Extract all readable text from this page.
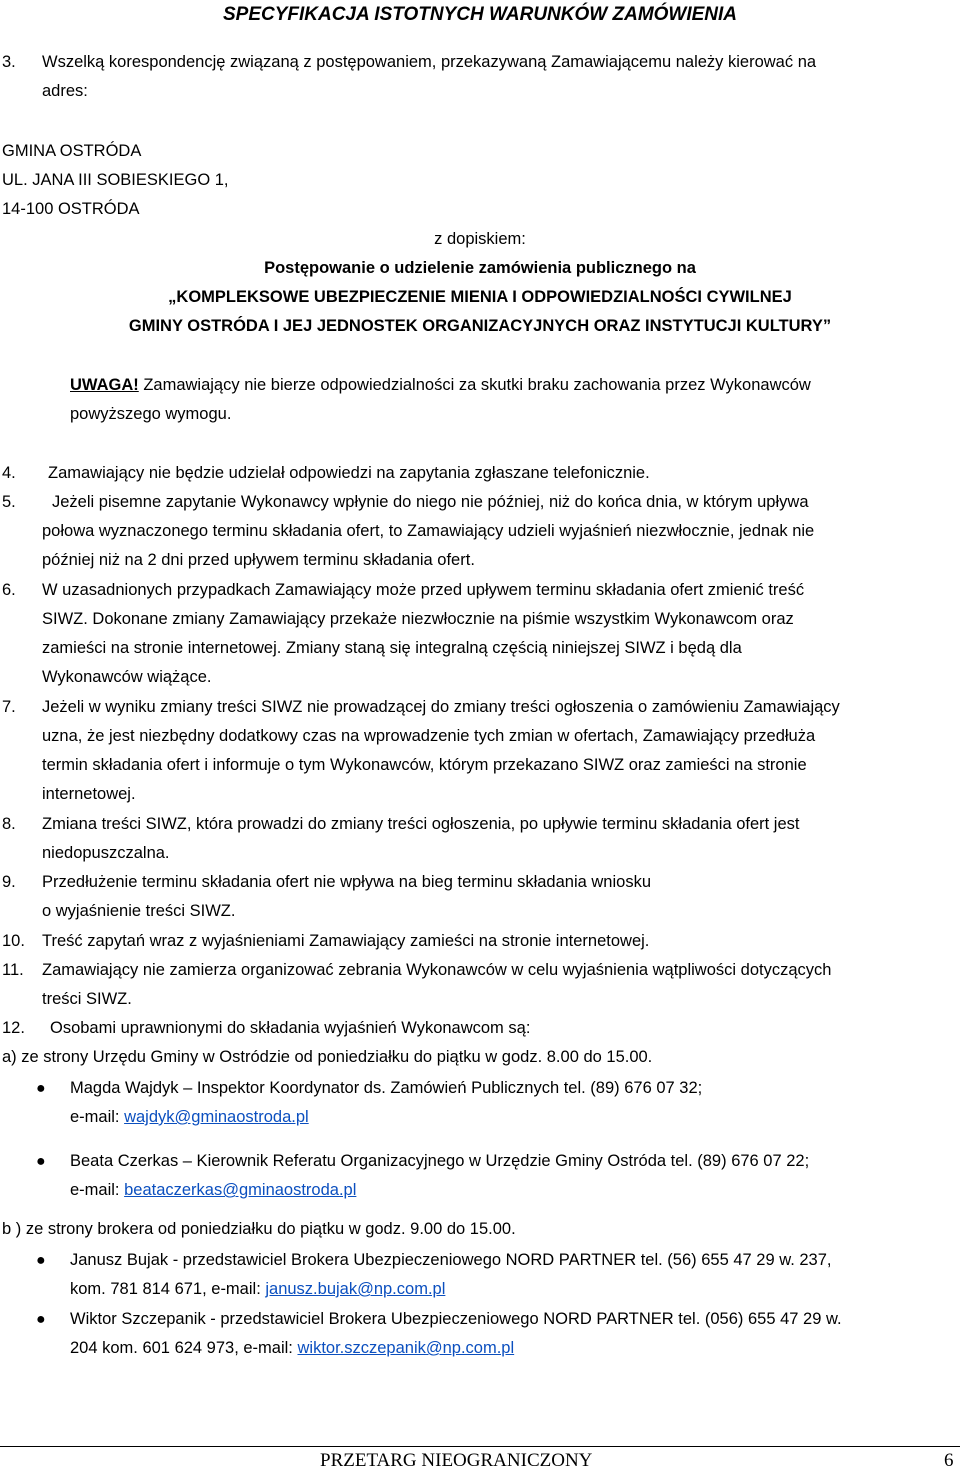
SPECYFIKACJA ISTOTNYCH WARUNKÓW ZAMÓWIENIA
3. Wszelką korespondencję związaną z postępowaniem, przekazywaną Zamawiającemu należy kierować na
adres:
GMINA OSTRÓDA
UL. JANA III SOBIESKIEGO 1,
14-100 OSTRÓDA
z dopiskiem:
Postępowanie o udzielenie zamówienia publicznego na
„KOMPLEKSOWE UBEZPIECZENIE MIENIA I ODPOWIEDZIALNOŚCI CYWILNEJ
GMINY OSTRÓDA I JEJ JEDNOSTEK ORGANIZACYJNYCH ORAZ INSTYTUCJI KULTURY”
UWAGA! Zamawiający nie bierze odpowiedzialności za skutki braku zachowania przez Wykonawców
powyższego wymogu.
4. Zamawiający nie będzie udzielał odpowiedzi na zapytania zgłaszane telefonicznie.
5. Jeżeli pisemne zapytanie Wykonawcy wpłynie do niego nie później, niż do końca dnia, w którym upływa
połowa wyznaczonego terminu składania ofert, to Zamawiający udzieli wyjaśnień niezwłocznie, jednak nie
później niż na 2 dni przed upływem terminu składania ofert.
6. W uzasadnionych przypadkach Zamawiający może przed upływem terminu składania ofert zmienić treść
SIWZ. Dokonane zmiany Zamawiający przekaże niezwłocznie na piśmie wszystkim Wykonawcom oraz
zamieści na stronie internetowej. Zmiany staną się integralną częścią niniejszej SIWZ i będą dla
Wykonawców wiążące.
7. Jeżeli w wyniku zmiany treści SIWZ nie prowadzącej do zmiany treści ogłoszenia o zamówieniu Zamawiający
uzna, że jest niezbędny dodatkowy czas na wprowadzenie tych zmian w ofertach, Zamawiający przedłuża
termin składania ofert i informuje o tym Wykonawców, którym przekazano SIWZ oraz zamieści na stronie
internetowej.
8. Zmiana treści SIWZ, która prowadzi do zmiany treści ogłoszenia, po upływie terminu składania ofert jest
niedopuszczalna.
9. Przedłużenie terminu składania ofert nie wpływa na bieg terminu składania wniosku
o wyjaśnienie treści SIWZ.
10. Treść zapytań wraz z wyjaśnieniami Zamawiający zamieści na stronie internetowej.
11. Zamawiający nie zamierza organizować zebrania Wykonawców w celu wyjaśnienia wątpliwości dotyczących
treści SIWZ.
12. Osobami uprawnionymi do składania wyjaśnień Wykonawcom są:
a) ze strony Urzędu Gminy w Ostródzie od poniedziałku do piątku w godz. 8.00 do 15.00.
● Magda Wajdyk – Inspektor Koordynator ds. Zamówień Publicznych tel. (89) 676 07 32;
e-mail: wajdyk@gminaostroda.pl
● Beata Czerkas – Kierownik Referatu Organizacyjnego w Urzędzie Gminy Ostróda tel. (89) 676 07 22;
e-mail: beataczerkas@gminaostroda.pl
b ) ze strony brokera od poniedziałku do piątku w godz. 9.00 do 15.00.
● Janusz Bujak - przedstawiciel Brokera Ubezpieczeniowego NORD PARTNER tel. (56) 655 47 29 w. 237,
kom. 781 814 671, e-mail: janusz.bujak@np.com.pl
● Wiktor Szczepanik - przedstawiciel Brokera Ubezpieczeniowego NORD PARTNER tel. (056) 655 47 29 w.
204 kom. 601 624 973, e-mail: wiktor.szczepanik@np.com.pl
PRZETARG NIEOGRANICZONY	6
